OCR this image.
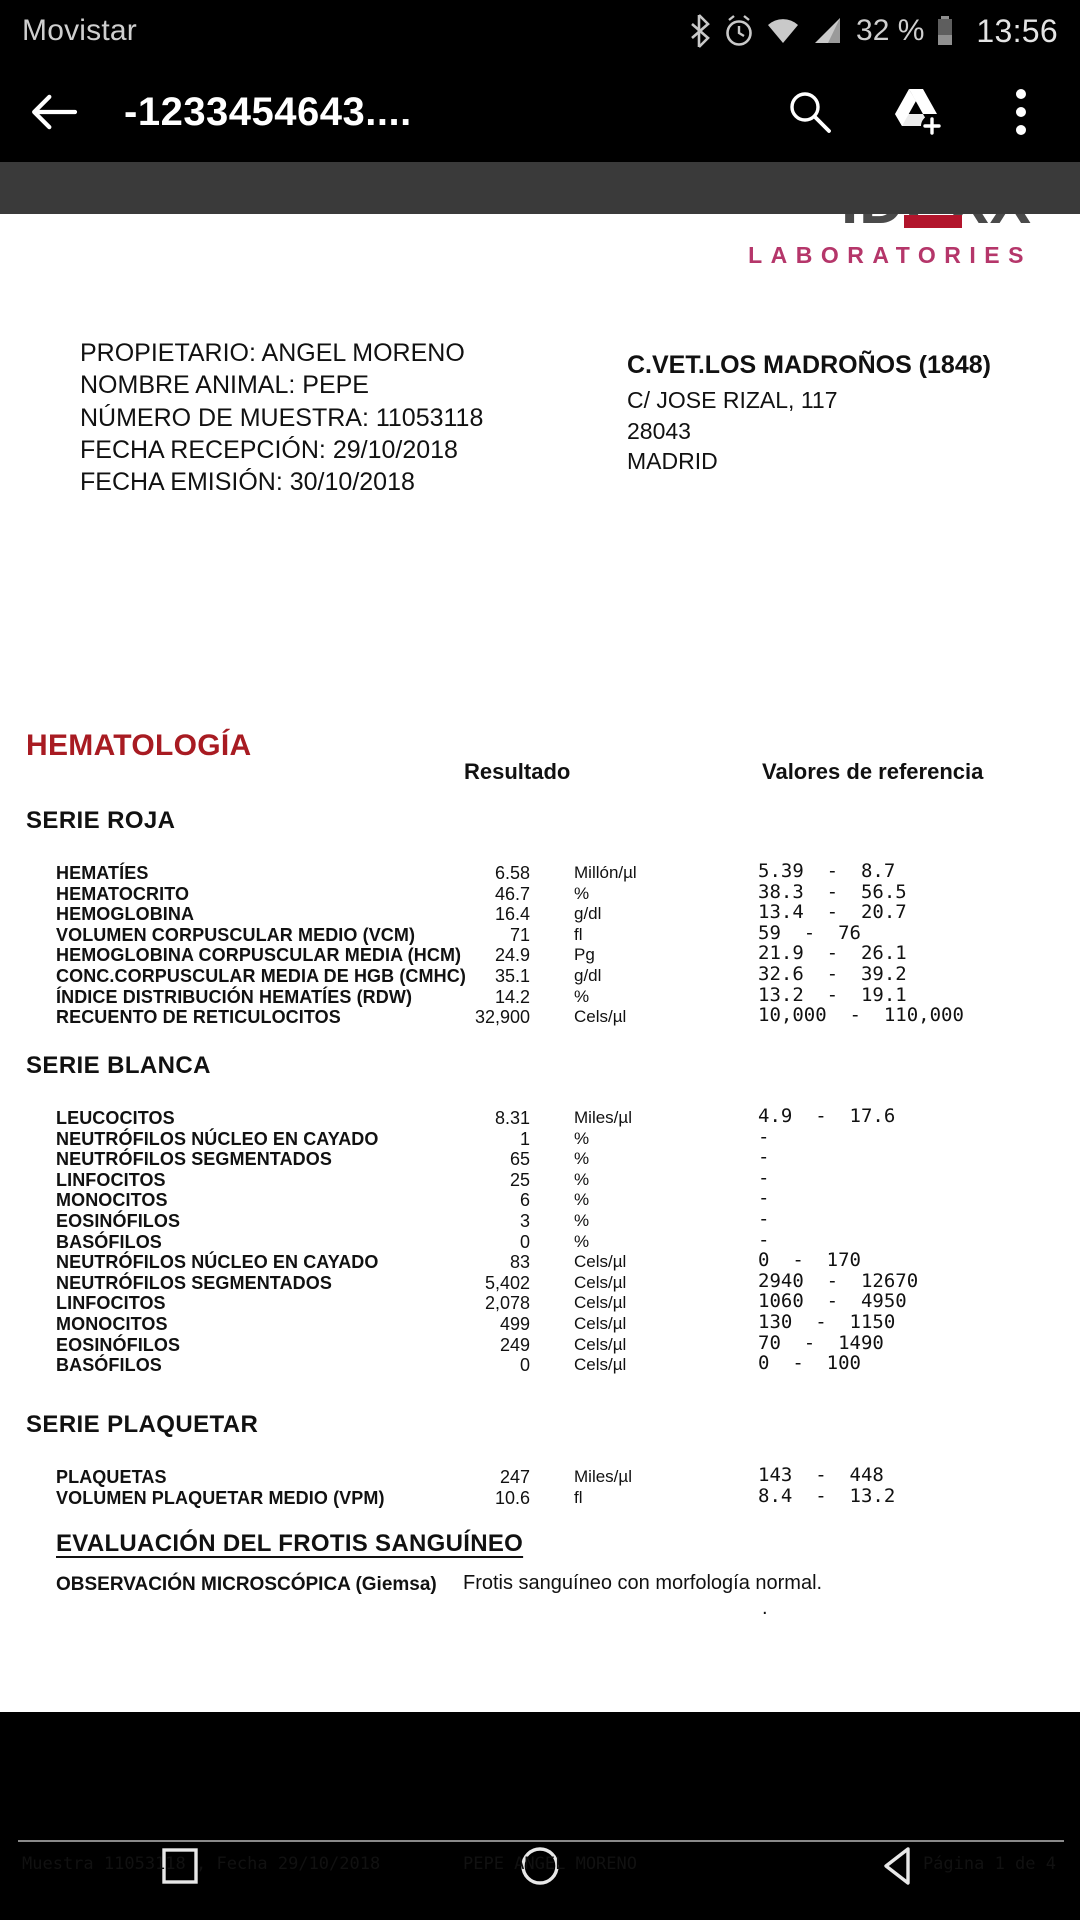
Movistar	32 % 13:56
-1233454643....
LABORATORIES
PROPIETARIO: ANGEL MORENO
NOMBRE ANIMAL: PEPE
NÚMERO DE MUESTRA: 11053118
FECHA RECEPCIÓN: 29/10/2018
FECHA EMISIÓN: 30/10/2018
C.VET.LOS MADROÑOS (1848)
C/ JOSE RIZAL, 117
28043
MADRID
HEMATOLOGÍA
Resultado	Valores de referencia
SERIE ROJA
HEMATÍES	6.58	Millón/µl	5.39  -  8.7
HEMATOCRITO	46.7	%	38.3  -  56.5
HEMOGLOBINA	16.4	g/dl	13.4  -  20.7
VOLUMEN CORPUSCULAR MEDIO (VCM)	71	fl	59  -  76
HEMOGLOBINA CORPUSCULAR MEDIA (HCM)	24.9	Pg	21.9  -  26.1
CONC.CORPUSCULAR MEDIA DE HGB (CMHC)	35.1	g/dl	32.6  -  39.2
ÍNDICE DISTRIBUCIÓN HEMATÍES (RDW)	14.2	%	13.2  -  19.1
RECUENTO DE RETICULOCITOS	32,900	Cels/µl	10,000  -  110,000
SERIE BLANCA
LEUCOCITOS	8.31	Miles/µl	4.9  -  17.6
NEUTRÓFILOS NÚCLEO EN CAYADO	1	%	-
NEUTRÓFILOS SEGMENTADOS	65	%	-
LINFOCITOS	25	%	-
MONOCITOS	6	%	-
EOSINÓFILOS	3	%	-
BASÓFILOS	0	%	-
NEUTRÓFILOS NÚCLEO EN CAYADO	83	Cels/µl	0  -  170
NEUTRÓFILOS SEGMENTADOS	5,402	Cels/µl	2940  -  12670
LINFOCITOS	2,078	Cels/µl	1060  -  4950
MONOCITOS	499	Cels/µl	130  -  1150
EOSINÓFILOS	249	Cels/µl	70  -  1490
BASÓFILOS	0	Cels/µl	0  -  100
SERIE PLAQUETAR
PLAQUETAS	247	Miles/µl	143  -  448
VOLUMEN PLAQUETAR MEDIO (VPM)	10.6	fl	8.4  -  13.2
EVALUACIÓN DEL FROTIS SANGUÍNEO
OBSERVACIÓN MICROSCÓPICA (Giemsa) Frotis sanguíneo con morfología normal.
.
Muestra 11053118 , Fecha 29/10/2018	PEPE ANGEL MORENO	Página 1 de 4
